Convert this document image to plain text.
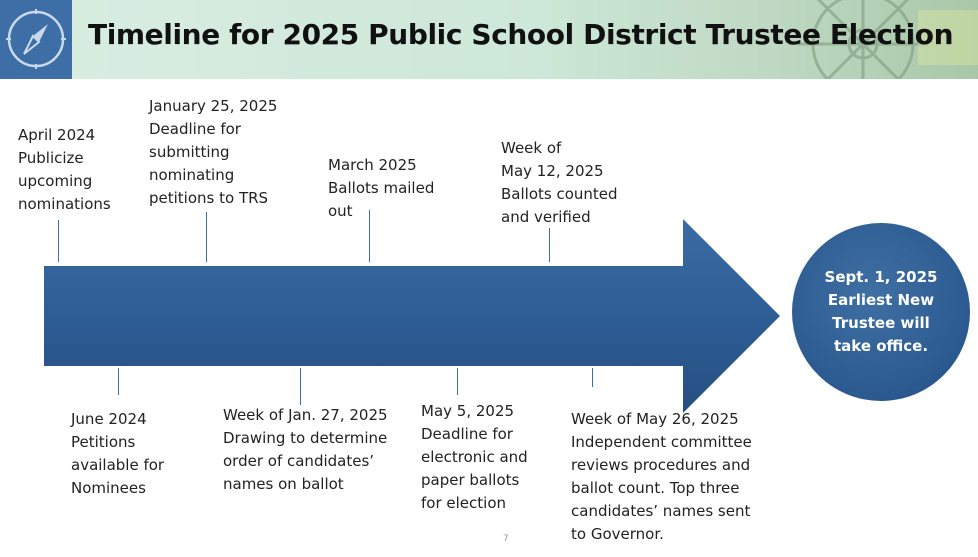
Timeline for 2025 Public School District Trustee Election
April 2024
Publicize
upcoming
nominations
January 25, 2025
Deadline for
submitting
nominating
petitions to TRS
March 2025
Ballots mailed
out
Week of
May 12, 2025
Ballots counted
and verified
June 2024
Petitions
available for
Nominees
Week of Jan. 27, 2025
Drawing to determine
order of candidates’
names on ballot
May 5, 2025
Deadline for
electronic and
paper ballots
for election
Week of May 26, 2025
Independent committee
reviews procedures and
ballot count. Top three
candidates’ names sent
to Governor.
Sept. 1, 2025
Earliest New
Trustee will
take office.
7
